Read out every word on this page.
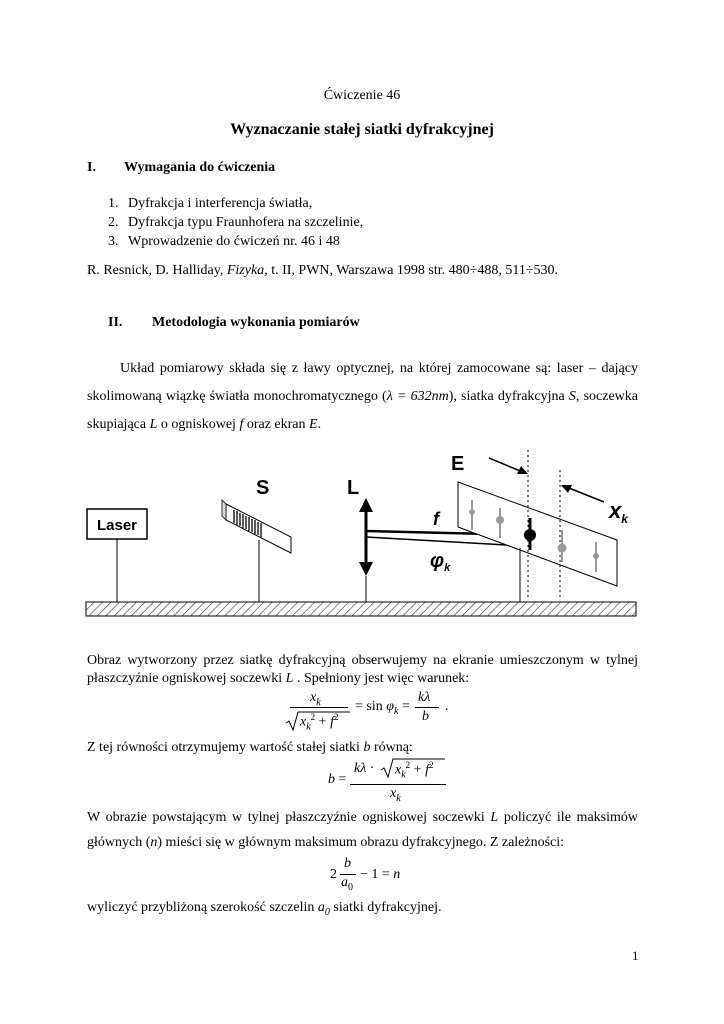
Ćwiczenie 46
Wyznaczanie stałej siatki dyfrakcyjnej
I. Wymagania do ćwiczenia
1. Dyfrakcja i interferencja światła,
2. Dyfrakcja typu Fraunhofera na szczelinie,
3. Wprowadzenie do ćwiczeń nr. 46 i 48
R. Resnick, D. Halliday, Fizyka, t. II, PWN, Warszawa 1998 str. 480÷488, 511÷530.
II. Metodologia wykonania pomiarów
Układ pomiarowy składa się z ławy optycznej, na której zamocowane są: laser – dający skolimowaną wiązkę światła monochromatycznego (λ = 632nm), siatka dyfrakcyjna S, soczewka skupiająca L o ogniskowej f oraz ekran E.
Laser
S	L
f
$\varphi_k$
E
$x_k$
Obraz wytworzony przez siatkę dyfrakcyjną obserwujemy na ekranie umieszczonym w tylnej płaszczyźnie ogniskowej soczewki L . Spełniony jest więc warunek:
$x_k$
$x_k^2 + f^2$
= $\sin \varphi_k$ =
kλ
b
.
Z tej równości otrzymujemy wartość stałej siatki b równą:
b =
$k\lambda \cdot x_k^2 + f^2$
$x_k$
W obrazie powstającym w tylnej płaszczyźnie ogniskowej soczewki L policzyć ile maksimów głównych (n) mieści się w głównym maksimum obrazu dyfrakcyjnego. Z zależności:
2
b
$a_0$
− 1 = n
wyliczyć przybliżoną szerokość szczelin $a_0$ siatki dyfrakcyjnej.
1
